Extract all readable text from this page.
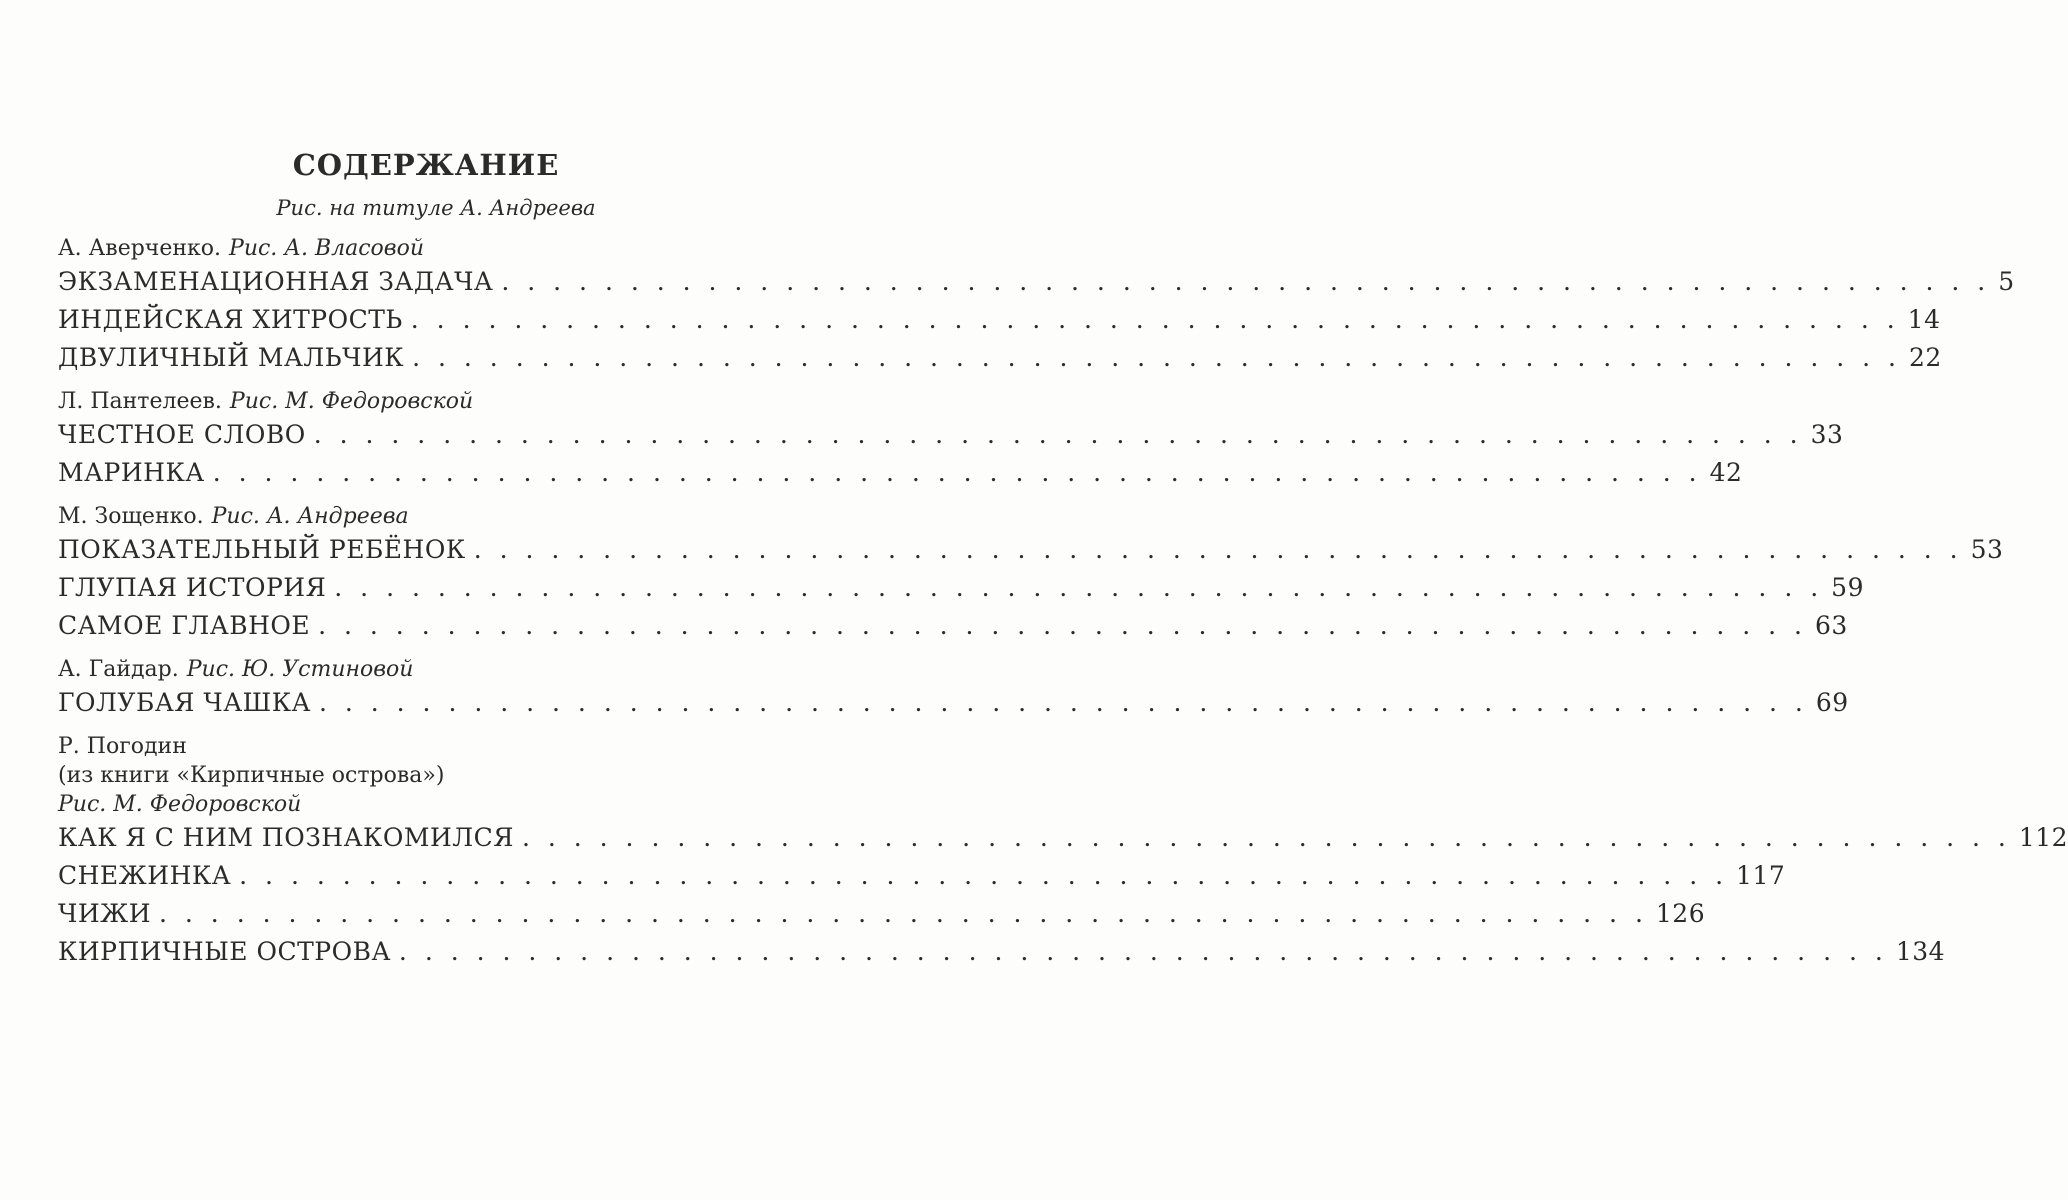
СОДЕРЖАНИЕ
Рис. на титуле А. Андреева
А. Аверченко. Рис. А. Власовой
ЭКЗАМЕНАЦИОННАЯ ЗАДАЧА . . . . . . . . . . . . . . . . . . . . . . . . . . . . . . . . . . . . . . . . . . . . . . . . . . . . . . . . . . 5
ИНДЕЙСКАЯ ХИТРОСТЬ . . . . . . . . . . . . . . . . . . . . . . . . . . . . . . . . . . . . . . . . . . . . . . . . . . . . . . . . . . 14
ДВУЛИЧНЫЙ МАЛЬЧИК . . . . . . . . . . . . . . . . . . . . . . . . . . . . . . . . . . . . . . . . . . . . . . . . . . . . . . . . . . 22
Л. Пантелеев. Рис. М. Федоровской
ЧЕСТНОЕ СЛОВО . . . . . . . . . . . . . . . . . . . . . . . . . . . . . . . . . . . . . . . . . . . . . . . . . . . . . . . . . . 33
МАРИНКА . . . . . . . . . . . . . . . . . . . . . . . . . . . . . . . . . . . . . . . . . . . . . . . . . . . . . . . . . . 42
М. Зощенко. Рис. А. Андреева
ПОКАЗАТЕЛЬНЫЙ РЕБЁНОК . . . . . . . . . . . . . . . . . . . . . . . . . . . . . . . . . . . . . . . . . . . . . . . . . . . . . . . . . . 53
ГЛУПАЯ ИСТОРИЯ . . . . . . . . . . . . . . . . . . . . . . . . . . . . . . . . . . . . . . . . . . . . . . . . . . . . . . . . . . 59
САМОЕ ГЛАВНОЕ . . . . . . . . . . . . . . . . . . . . . . . . . . . . . . . . . . . . . . . . . . . . . . . . . . . . . . . . . . 63
А. Гайдар. Рис. Ю. Устиновой
ГОЛУБАЯ ЧАШКА . . . . . . . . . . . . . . . . . . . . . . . . . . . . . . . . . . . . . . . . . . . . . . . . . . . . . . . . . . 69
Р. Погодин
(из книги «Кирпичные острова»)
Рис. М. Федоровской
КАК Я С НИМ ПОЗНАКОМИЛСЯ . . . . . . . . . . . . . . . . . . . . . . . . . . . . . . . . . . . . . . . . . . . . . . . . . . . . . . . . . . 112
СНЕЖИНКА . . . . . . . . . . . . . . . . . . . . . . . . . . . . . . . . . . . . . . . . . . . . . . . . . . . . . . . . . . 117
ЧИЖИ . . . . . . . . . . . . . . . . . . . . . . . . . . . . . . . . . . . . . . . . . . . . . . . . . . . . . . . . . . 126
КИРПИЧНЫЕ ОСТРОВА . . . . . . . . . . . . . . . . . . . . . . . . . . . . . . . . . . . . . . . . . . . . . . . . . . . . . . . . . . 134
